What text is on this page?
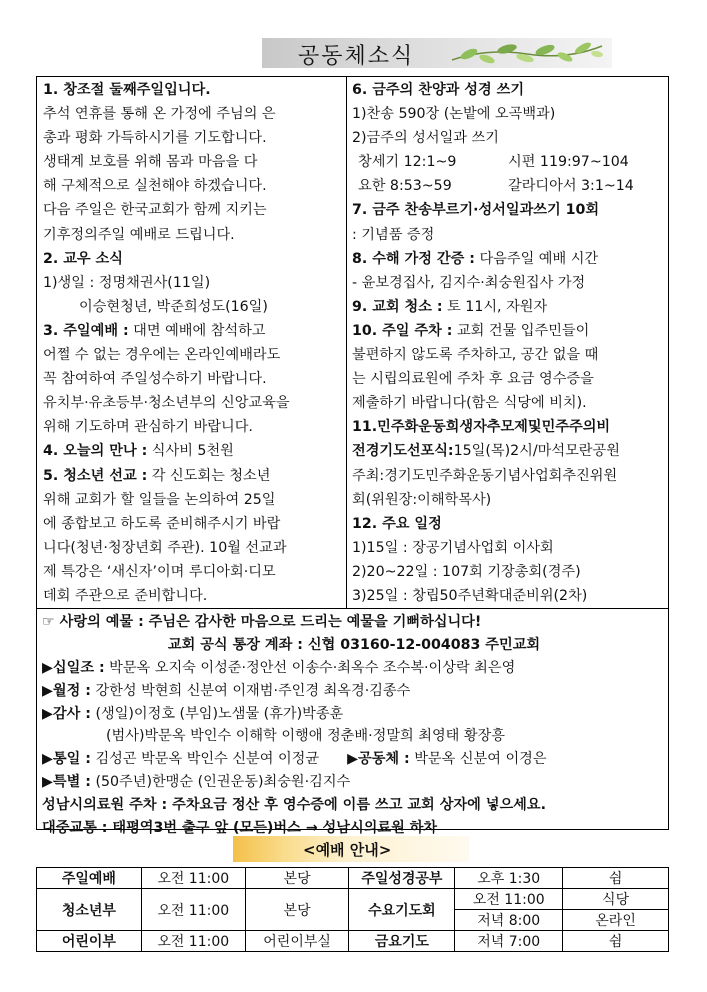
공동체소식
1. 창조절 둘째주일입니다.
추석 연휴를 통해 온 가정에 주님의 은
총과 평화 가득하시기를 기도합니다.
생태계 보호를 위해 몸과 마음을 다
해 구체적으로 실천해야 하겠습니다.
다음 주일은 한국교회가 함께 지키는
기후정의주일 예배로 드립니다.
2. 교우 소식
1)생일 : 정명채권사(11일)
이승현청년, 박준희성도(16일)
3. 주일예배 : 대면 예배에 참석하고
어쩔 수 없는 경우에는 온라인예배라도
꼭 참여하여 주일성수하기 바랍니다.
유치부·유초등부·청소년부의 신앙교육을
위해 기도하며 관심하기 바랍니다.
4. 오늘의 만나 : 식사비 5천원
5. 청소년 선교 : 각 신도회는 청소년
위해 교회가 할 일들을 논의하여 25일
에 종합보고 하도록 준비해주시기 바랍
니다(청년·청장년회 주관). 10월 선교과
제 특강은 ‘새신자’이며 루디아회·디모
데회 주관으로 준비합니다.
6. 금주의 찬양과 성경 쓰기
1)찬송 590장 (논밭에 오곡백과)
2)금주의 성서일과 쓰기
창세기 12:1~9	시편 119:97~104
요한 8:53~59	갈라디아서 3:1~14
7. 금주 찬송부르기·성서일과쓰기 10회
: 기념품 증정
8. 수해 가정 간증 : 다음주일 예배 시간
- 윤보경집사, 김지수·최숭원집사 가정
9. 교회 청소 : 토 11시, 자원자
10. 주일 주차 : 교회 건물 입주민들이
불편하지 않도록 주차하고, 공간 없을 때
는 시립의료원에 주차 후 요금 영수증을
제출하기 바랍니다(함은 식당에 비치).
11.민주화운동희생자추모제및민주주의비
전경기도선포식:15일(목)2시/마석모란공원
주최:경기도민주화운동기념사업회추진위원
회(위원장:이해학목사)
12. 주요 일정
1)15일 : 장공기념사업회 이사회
2)20~22일 : 107회 기장총회(경주)
3)25일 : 창립50주년확대준비위(2차)
☞ 사랑의 예물 : 주님은 감사한 마음으로 드리는 예물을 기뻐하십니다!
교회 공식 통장 계좌 : 신협 03160-12-004083 주민교회
▶십일조 : 박문옥 오지숙 이성준·정안선 이송수·최옥수 조수복·이상락 최은영
▶월정 : 강한성 박현희 신분여 이재범·주인경 최옥경·김종수
▶감사 : (생일)이정호 (부임)노샘물 (휴가)박종훈
(범사)박문옥 박인수 이해학 이행애 정춘배·정말희 최영태 황장흥
▶통일 : 김성곤 박문옥 박인수 신분여 이정균 ▶공동체 : 박문옥 신분여 이경은
▶특별 : (50주년)한맹순 (인권운동)최숭원·김지수
성남시의료원 주차 : 주차요금 정산 후 영수증에 이름 쓰고 교회 상자에 넣으세요.
대중교통 : 태평역3번 출구 앞 (모든)버스 → 성남시의료원 하차
<예배 안내>
주일예배	오전 11:00	본당	주일성경공부	오후 1:30	쉼
청소년부	오전 11:00	본당	수요기도회	오전 11:00	식당
				저녁 8:00	온라인
어린이부	오전 11:00	어린이부실	금요기도	저녁 7:00	쉼
